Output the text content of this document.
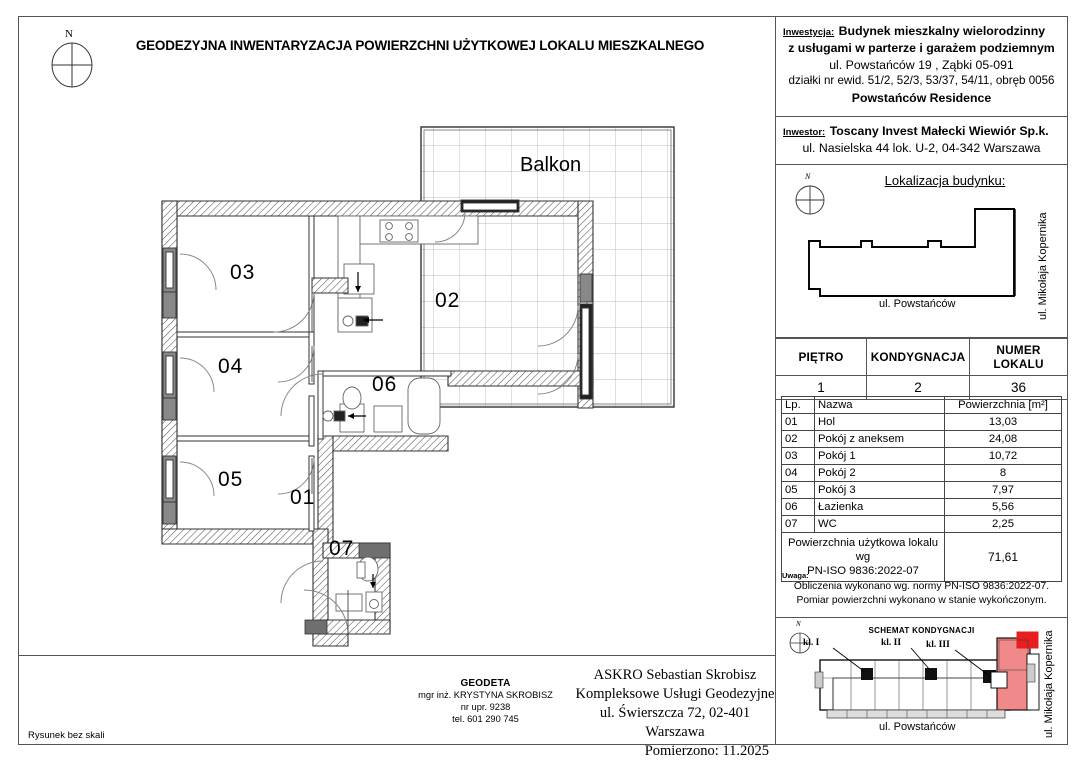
N
GEODEZYJNA INWENTARYZACJA POWIERZCHNI UŻYTKOWEJ LOKALU MIESZKALNEGO
Balkon
03
02
04
05
06
01
07
Inwestycja: Budynek mieszkalny wielorodzinny
z usługami w parterze i garażem podziemnym
ul. Powstańców 19 , Ząbki 05-091
działki nr ewid. 51/2, 52/3, 53/37, 54/11, obręb 0056
Powstańców Residence
Inwestor: Toscany Invest Małecki Wiewiór Sp.k.
ul. Nasielska 44 lok. U-2, 04-342 Warszawa
Lokalizacja budynku:
N
ul. Powstańców	ul. Mikołaja Kopernika
PIĘTRO	KONDYGNACJA	NUMER LOKALU
1	2	36
Lp.	Nazwa	Powierzchnia [m²]
01	Hol	13,03
02	Pokój z aneksem	24,08
03	Pokój 1	10,72
04	Pokój 2	8
05	Pokój 3	7,97
06	Łazienka	5,56
07	WC	2,25

Powierzchnia użytkowa lokalu wg
PN-ISO 9836:2022-07		71,61
Uwaga:
Obliczenia wykonano wg. normy PN-ISO 9836:2022-07.
Pomiar powierzchni wykonano w stanie wykończonym.
SCHEMAT KONDYGNACJI
N
kl. I	kl. II	kl. III
ul. Powstańców	ul. Mikołaja Kopernika
GEODETA
mgr inż. KRYSTYNA SKROBISZ
nr upr. 9238
tel. 601 290 745
ASKRO Sebastian Skrobisz
Kompleksowe Usługi Geodezyjne
ul. Świerszcza 72, 02-401 Warszawa
Pomierzono: 11.2025
Rysunek bez skali
